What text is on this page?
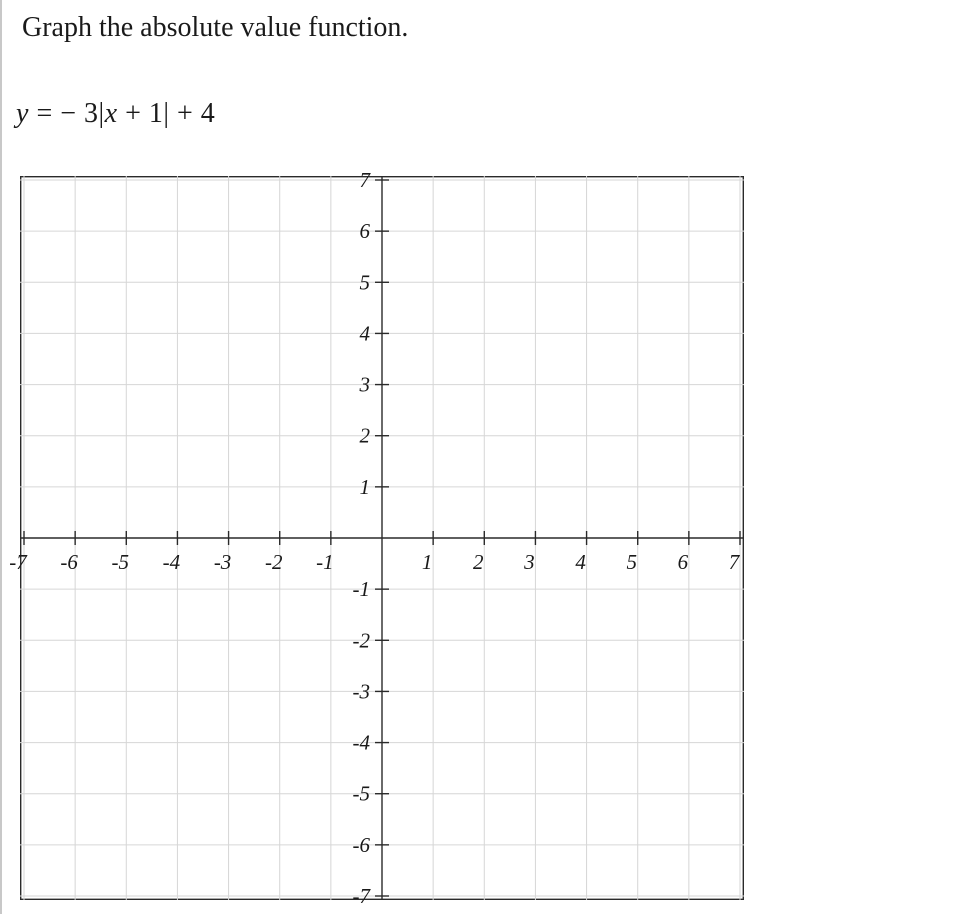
Graph the absolute value function.
y = − 3|x + 1| + 4
-7 -6 -5 -4 -3 -2 -1	1 2 3 4 5 6 7
7
6
5
4
3
2
1
-1
-2
-3
-4
-5
-6
-7
